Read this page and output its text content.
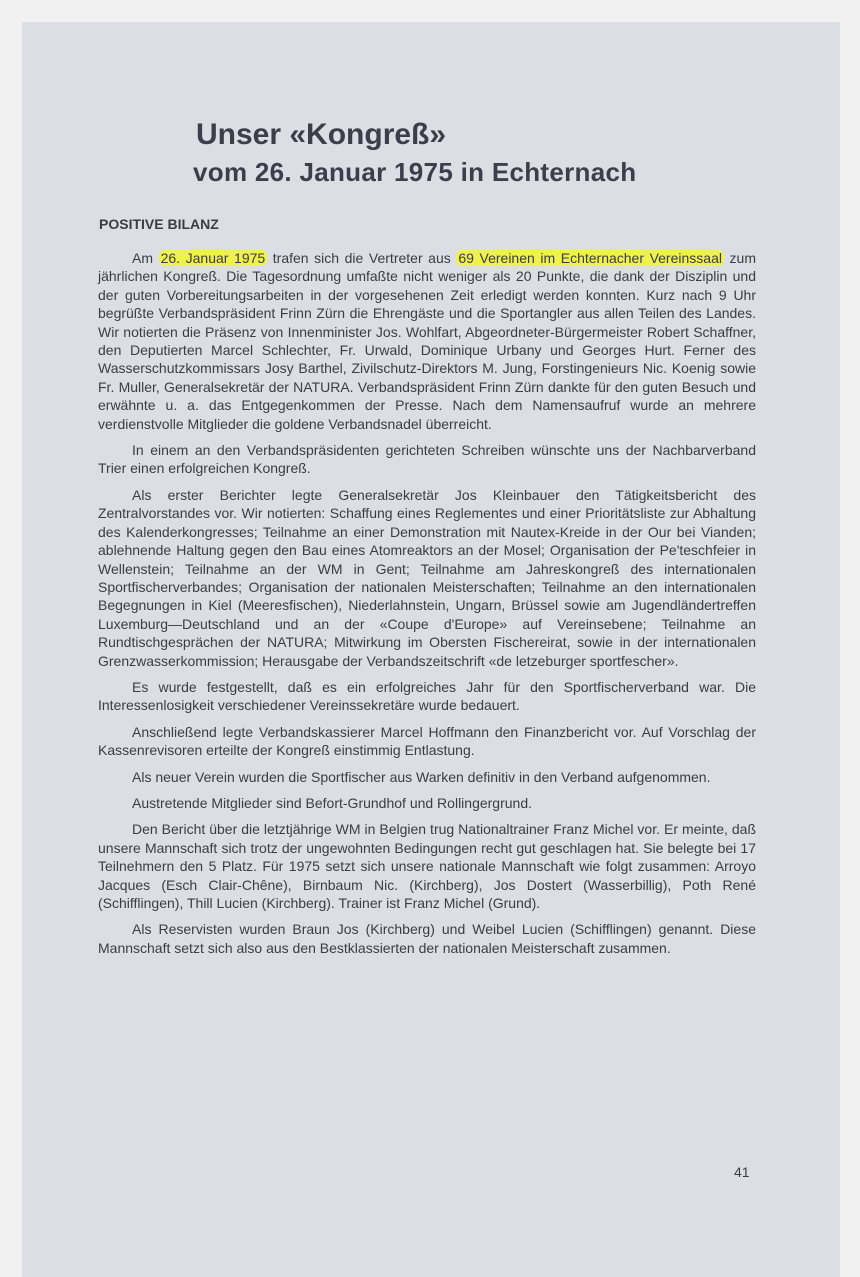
Unser «Kongreß»
vom 26. Januar 1975 in Echternach
POSITIVE BILANZ

Am 26. Januar 1975 trafen sich die Vertreter aus 69 Vereinen im Echternacher Vereinssaal zum jährlichen Kongreß. Die Tagesordnung umfaßte nicht weniger als 20 Punkte, die dank der Disziplin und der guten Vorbereitungsarbeiten in der vorgesehenen Zeit erledigt werden konnten. Kurz nach 9 Uhr begrüßte Verbandspräsident Frinn Zürn die Ehrengäste und die Sportangler aus allen Teilen des Landes. Wir notierten die Präsenz von Innenminister Jos. Wohlfart, Abgeordneter-Bürgermeister Robert Schaffner, den Deputierten Marcel Schlechter, Fr. Urwald, Dominique Urbany und Georges Hurt. Ferner des Wasserschutzkommissars Josy Barthel, Zivilschutz-Direktors M. Jung, Forstingenieurs Nic. Koenig sowie Fr. Muller, Generalsekretär der NATURA. Verbandspräsident Frinn Zürn dankte für den guten Besuch und erwähnte u. a. das Entgegenkommen der Presse. Nach dem Namensaufruf wurde an mehrere verdienstvolle Mitglieder die goldene Verbandsnadel überreicht.

In einem an den Verbandspräsidenten gerichteten Schreiben wünschte uns der Nachbarverband Trier einen erfolgreichen Kongreß.

Als erster Berichter legte Generalsekretär Jos Kleinbauer den Tätigkeitsbericht des Zentralvorstandes vor. Wir notierten: Schaffung eines Reglementes und einer Prioritätsliste zur Abhaltung des Kalenderkongresses; Teilnahme an einer Demonstration mit Nautex-Kreide in der Our bei Vianden; ablehnende Haltung gegen den Bau eines Atomreaktors an der Mosel; Organisation der Pe'teschfeier in Wellenstein; Teilnahme an der WM in Gent; Teilnahme am Jahreskongreß des internationalen Sportfischerverbandes; Organisation der nationalen Meisterschaften; Teilnahme an den internationalen Begegnungen in Kiel (Meeresfischen), Niederlahnstein, Ungarn, Brüssel sowie am Jugendländertreffen Luxemburg—Deutschland und an der «Coupe d'Europe» auf Vereinsebene; Teilnahme an Rundtischgesprächen der NATURA; Mitwirkung im Obersten Fischereirat, sowie in der internationalen Grenzwasserkommission; Herausgabe der Verbandszeitschrift «de letzeburger sportfescher».

Es wurde festgestellt, daß es ein erfolgreiches Jahr für den Sportfischerverband war. Die Interessenlosigkeit verschiedener Vereinssekretäre wurde bedauert.

Anschließend legte Verbandskassierer Marcel Hoffmann den Finanzbericht vor. Auf Vorschlag der Kassenrevisoren erteilte der Kongreß einstimmig Entlastung.

Als neuer Verein wurden die Sportfischer aus Warken definitiv in den Verband aufgenommen.

Austretende Mitglieder sind Befort-Grundhof und Rollingergrund.

Den Bericht über die letztjährige WM in Belgien trug Nationaltrainer Franz Michel vor. Er meinte, daß unsere Mannschaft sich trotz der ungewohnten Bedingungen recht gut geschlagen hat. Sie belegte bei 17 Teilnehmern den 5 Platz. Für 1975 setzt sich unsere nationale Mannschaft wie folgt zusammen: Arroyo Jacques (Esch Clair-Chêne), Birnbaum Nic. (Kirchberg), Jos Dostert (Wasserbillig), Poth René (Schifflingen), Thill Lucien (Kirchberg). Trainer ist Franz Michel (Grund).

Als Reservisten wurden Braun Jos (Kirchberg) und Weibel Lucien (Schifflingen) genannt. Diese Mannschaft setzt sich also aus den Bestklassierten der nationalen Meisterschaft zusammen.

41
